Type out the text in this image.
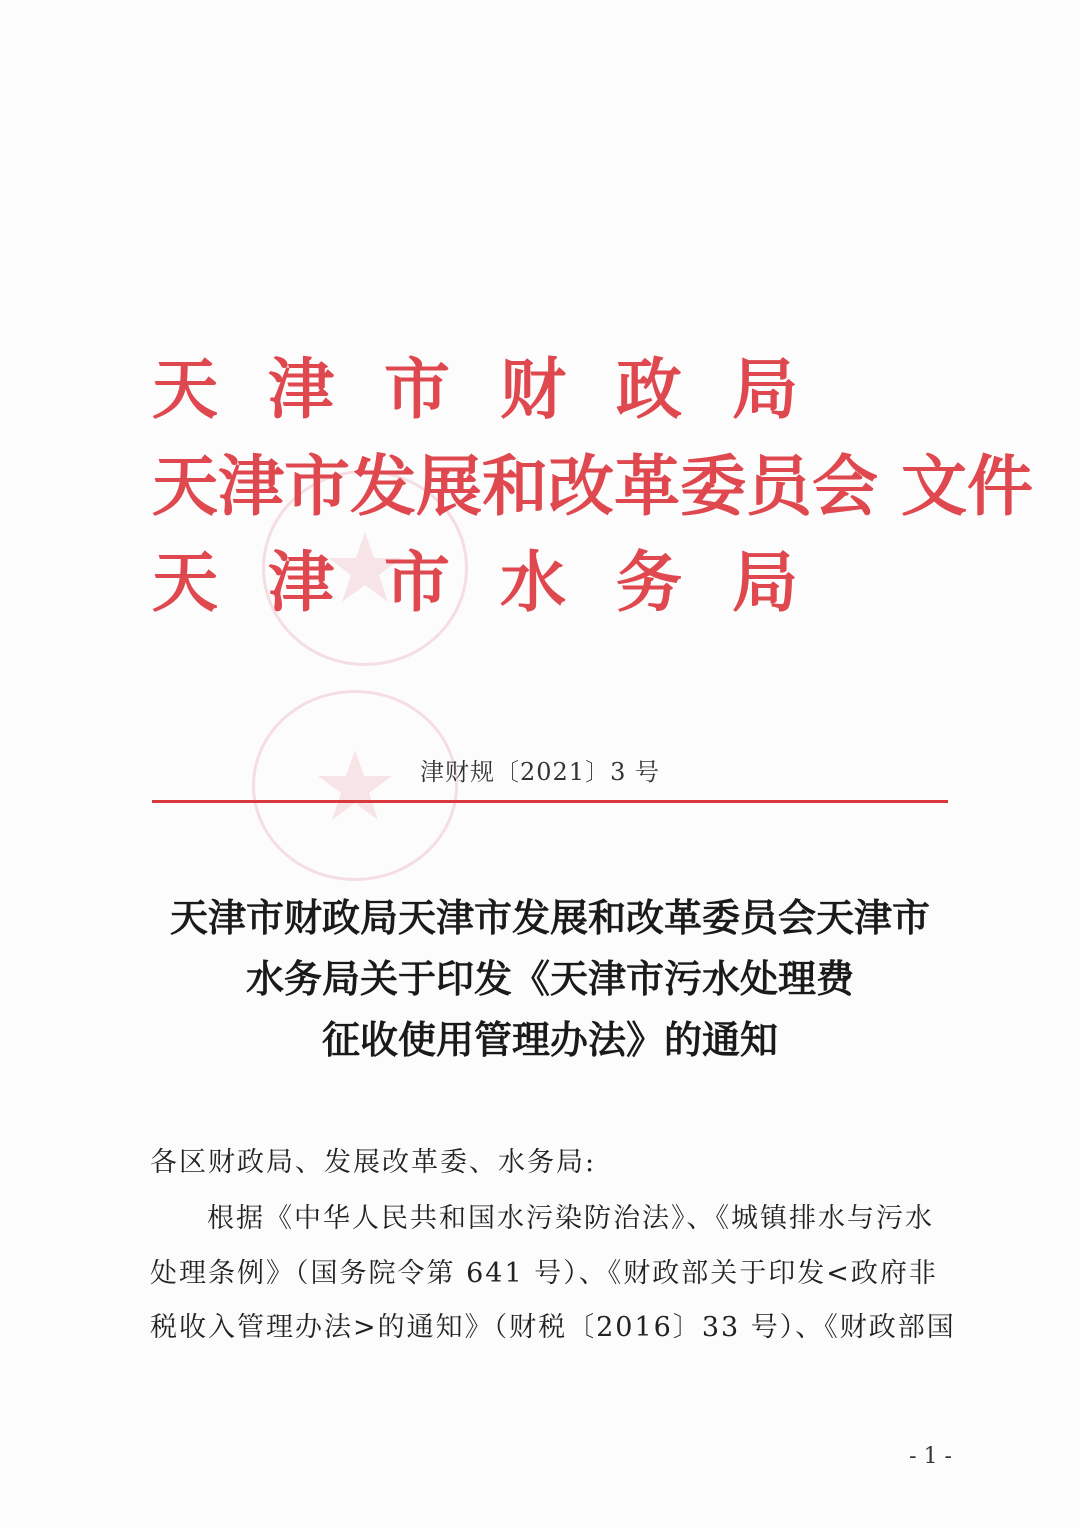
天 津 市 财 政 局
天津市发展和改革委员会 文件
天 津 市 水 务 局
津财规〔2021〕3 号
天津市财政局天津市发展和改革委员会天津市
水务局关于印发《天津市污水处理费
征收使用管理办法》的通知
各区财政局、发展改革委、水务局:
根据《中华人民共和国水污染防治法》、《城镇排水与污水
处理条例》（国务院令第 641 号）、《财政部关于印发<政府非
税收入管理办法>的通知》（财税〔2016〕33 号）、《财政部国
- 1 -
